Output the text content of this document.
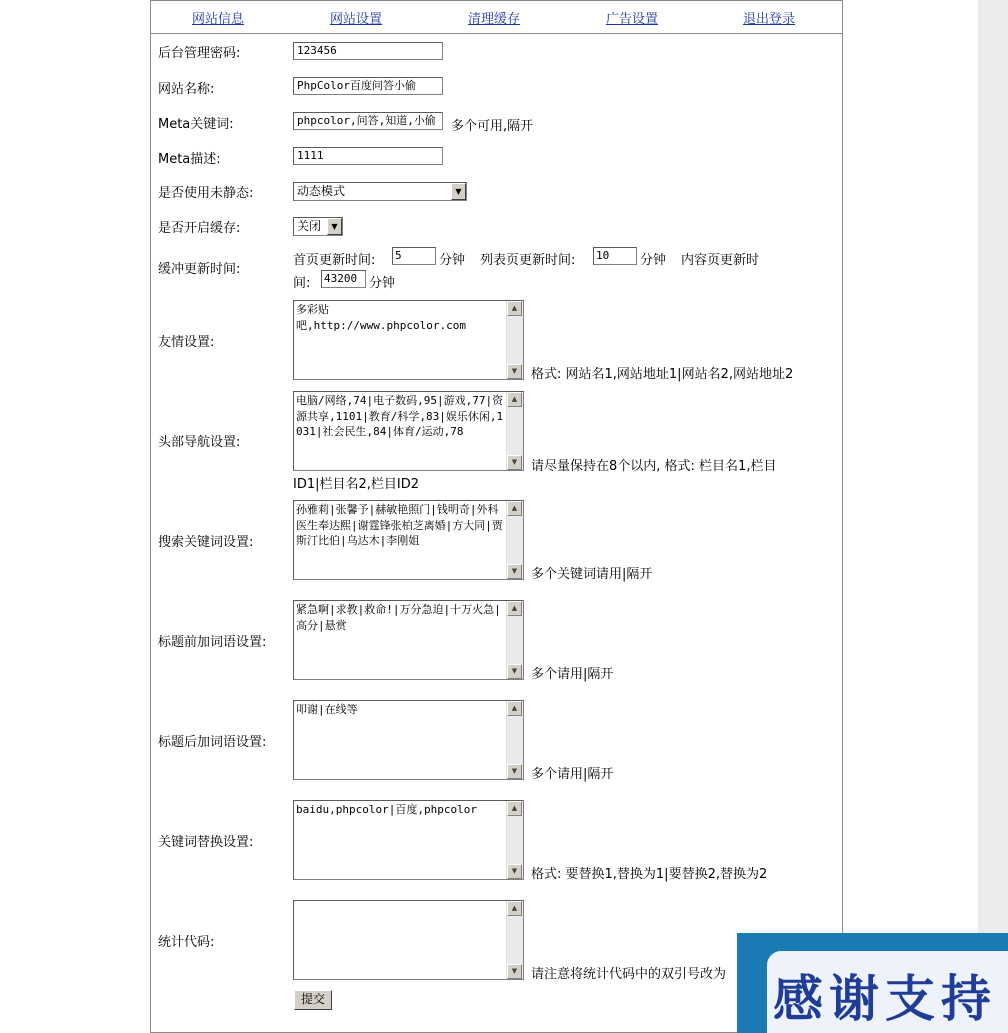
网站信息	网站设置	清理缓存	广告设置	退出登录
后台管理密码:	123456
网站名称:	PhpColor百度问答小偷
Meta关键词:	phpcolor,问答,知道,小偷	多个可用,隔开
Meta描述:	1111
是否使用未静态:	动态模式	▼
是否开启缓存:	关闭	▼
缓冲更新时间:
首页更新时间: 5	分钟 列表页更新时间: 10	分钟 内容页更新时
间: 43200 分钟
友情设置:
多彩贴
吧,http://www.phpcolor.com
▲
▼	格式: 网站名1,网站地址1|网站名2,网站地址2
头部导航设置:
电脑/网络,74|电子数码,95|游戏,77|资源共享,1101|教育/科学,83|娱乐休闲,1031|社会民生,84|体育/运动,78
▲
▼	请尽量保持在8个以内, 格式: 栏目名1,栏目
ID1|栏目名2,栏目ID2
搜索关键词设置:
孙雅莉|张馨予|赫敏艳照门|钱明奇|外科医生奉达熙|谢霆锋张柏芝离婚|方大同|贾斯汀比伯|乌达木|李刚姐
▲
▼	多个关键词请用|隔开
标题前加词语设置:
紧急啊|求教|救命!|万分急迫|十万火急|高分|悬赏
▲
▼	多个请用|隔开
标题后加词语设置:
叩谢|在线等	▲
▼	多个请用|隔开
关键词替换设置:
baidu,phpcolor|百度,phpcolor	▲
▼	格式: 要替换1,替换为1|要替换2,替换为2
统计代码:
▲
▼	请注意将统计代码中的双引号改为
提交	感谢支持
